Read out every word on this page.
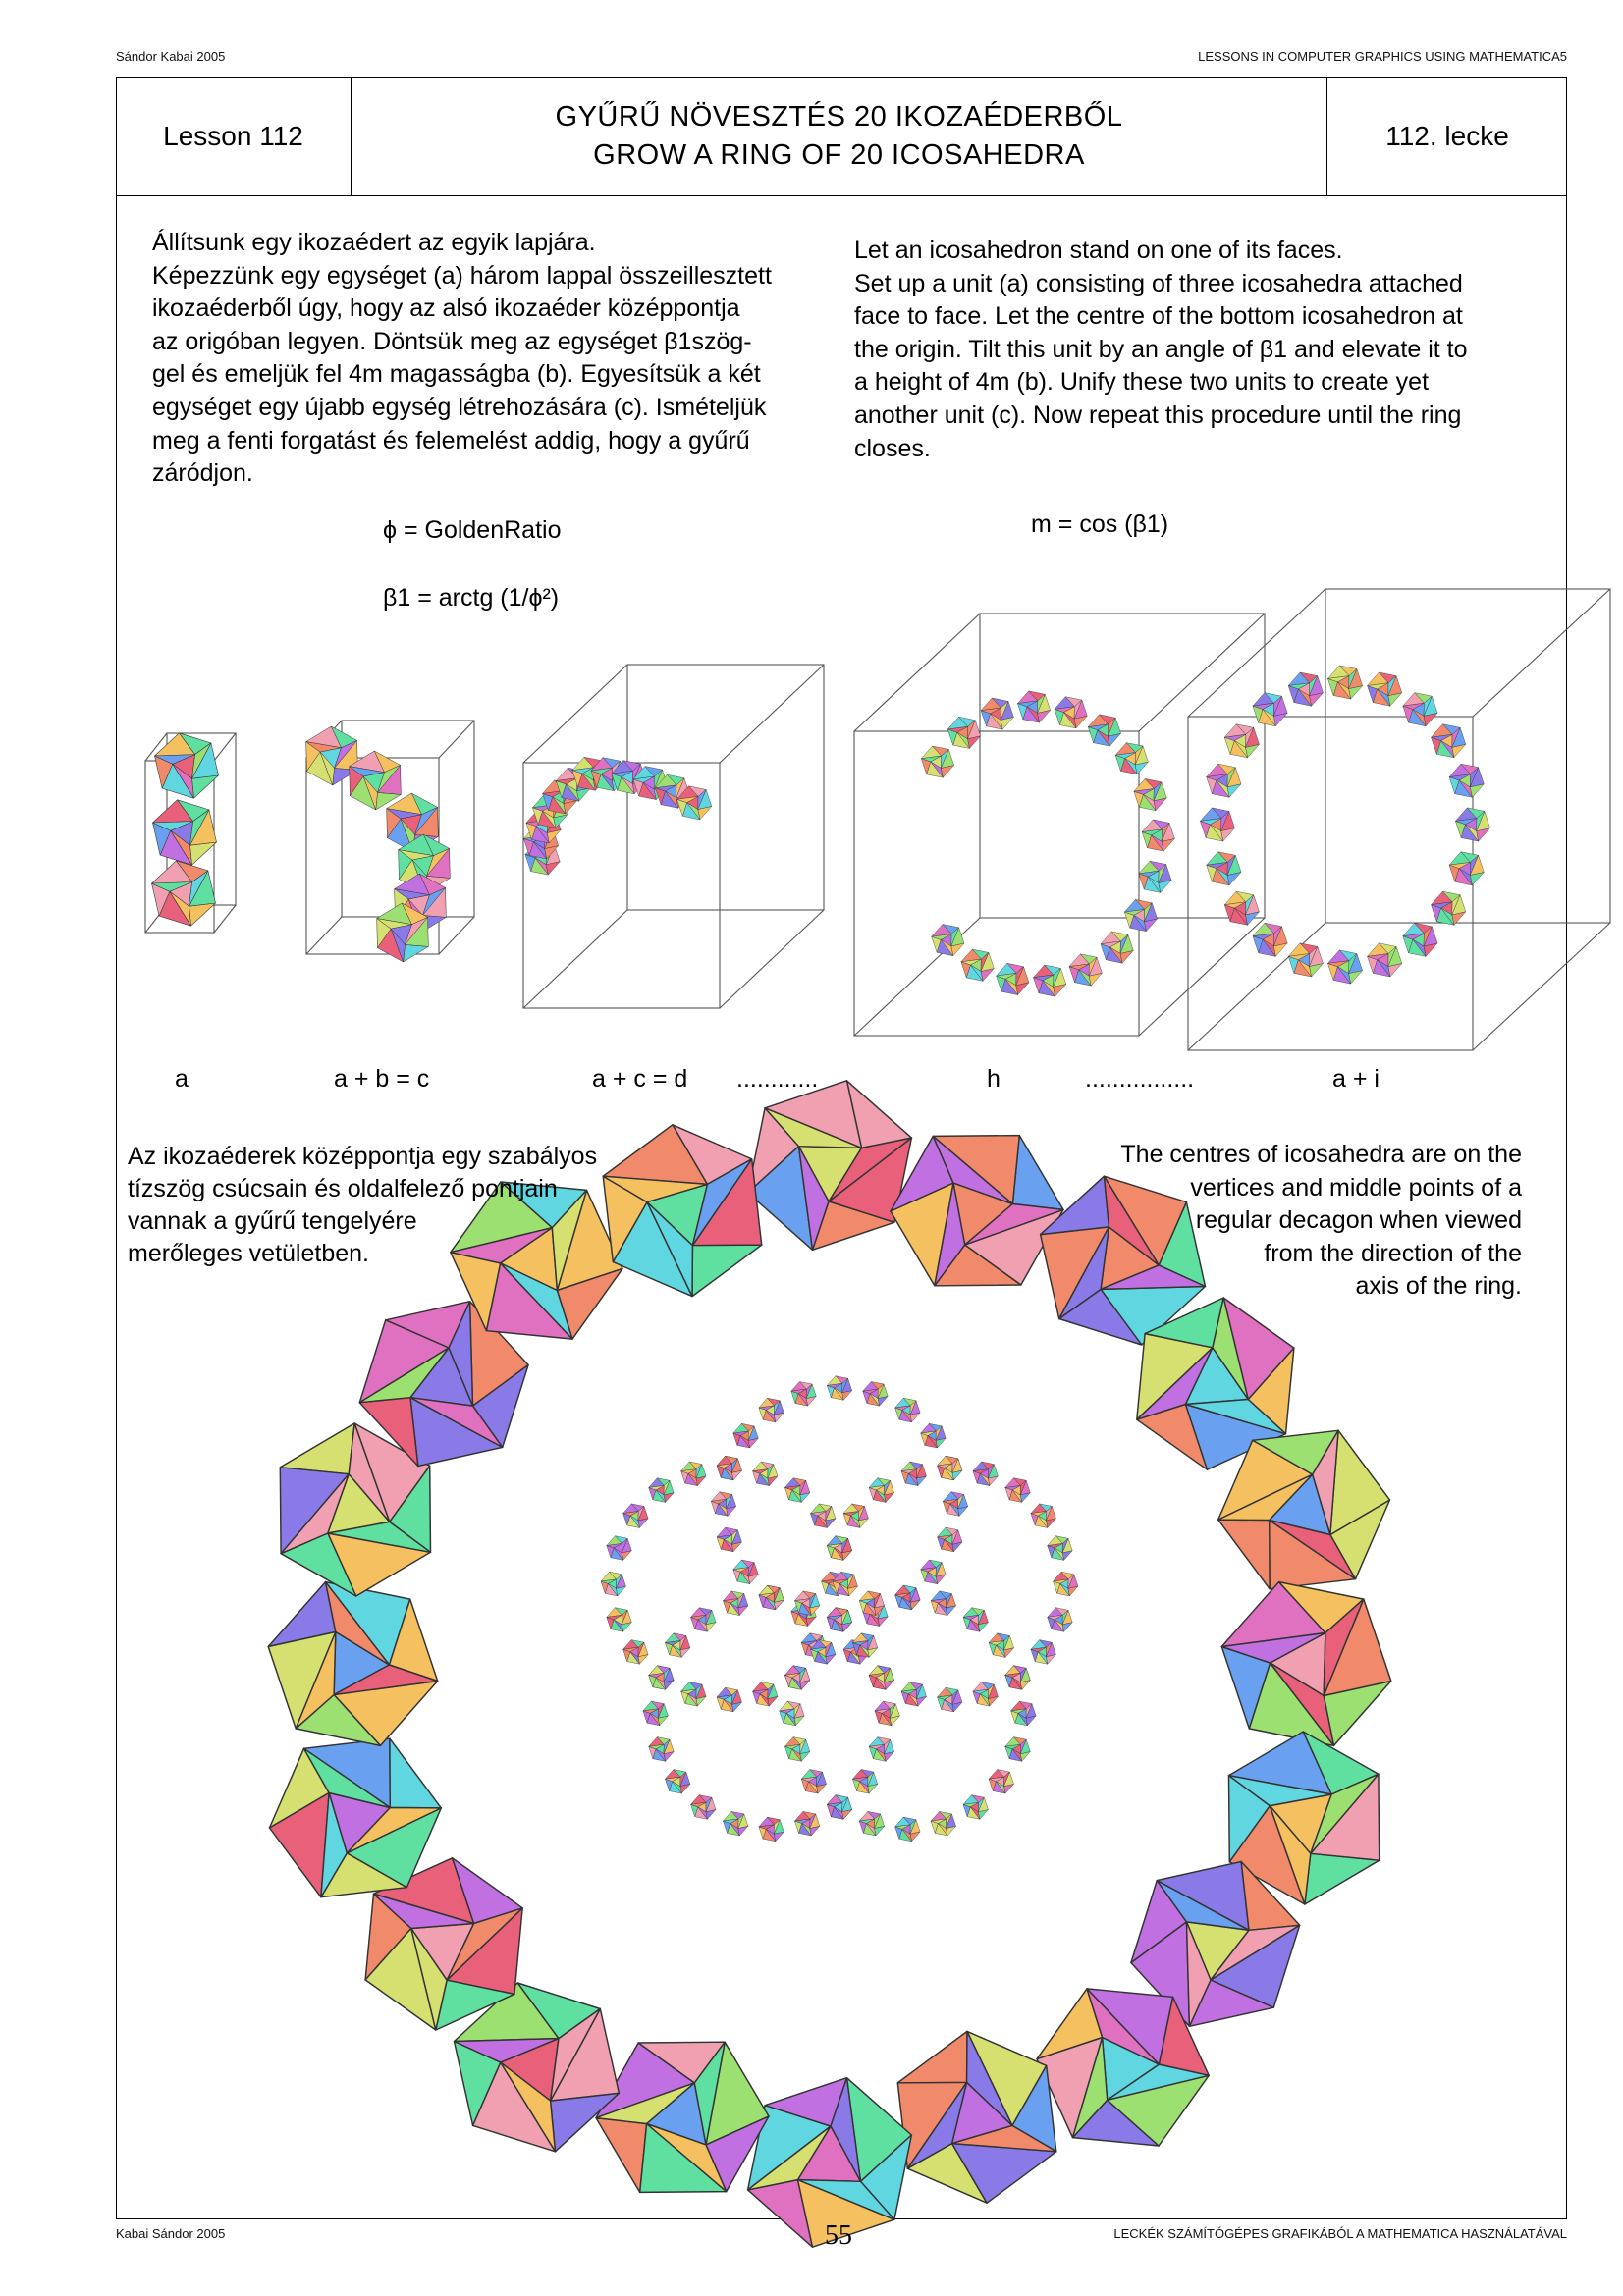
Sándor Kabai 2005	LESSONS IN COMPUTER GRAPHICS USING MATHEMATICA5
Lesson 112
GYŰRŰ NÖVESZTÉS 20 IKOZAÉDERBŐL
GROW A RING OF 20 ICOSAHEDRA
112. lecke
Állítsunk egy ikozaédert az egyik lapjára.
Képezzünk egy egységet (a) három lappal összeillesztett
ikozaéderből úgy, hogy az alsó ikozaéder középpontja
az origóban legyen. Döntsük meg az egységet β1szög-
gel és emeljük fel 4m magasságba (b). Egyesítsük a két
egységet egy újabb egység létrehozására (c). Ismételjük
meg a fenti forgatást és felemelést addig, hogy a gyűrű
záródjon.
Let an icosahedron stand on one of its faces.
Set up a unit (a) consisting of three icosahedra attached
face to face. Let the centre of the bottom icosahedron at
the origin. Tilt this unit by an angle of β1 and elevate it to
a height of 4m (b). Unify these two units to create yet
another unit (c). Now repeat this procedure until the ring
closes.
ϕ = GoldenRatio
β1 = arctg (1/ϕ²)
m = cos (β1)
a	a + b = c	a + c = d ............	h	................	a + i
Az ikozaéderek középpontja egy szabályos
tízszög csúcsain és oldalfelező pontjain
vannak a gyűrű tengelyére
merőleges vetületben.
The centres of icosahedra are on the
vertices and middle points of a
regular decagon when viewed
from the direction of the
axis of the ring.
Kabai Sándor 2005	55	LECKÉK SZÁMÍTÓGÉPES GRAFIKÁBÓL A MATHEMATICA HASZNÁLATÁVAL
